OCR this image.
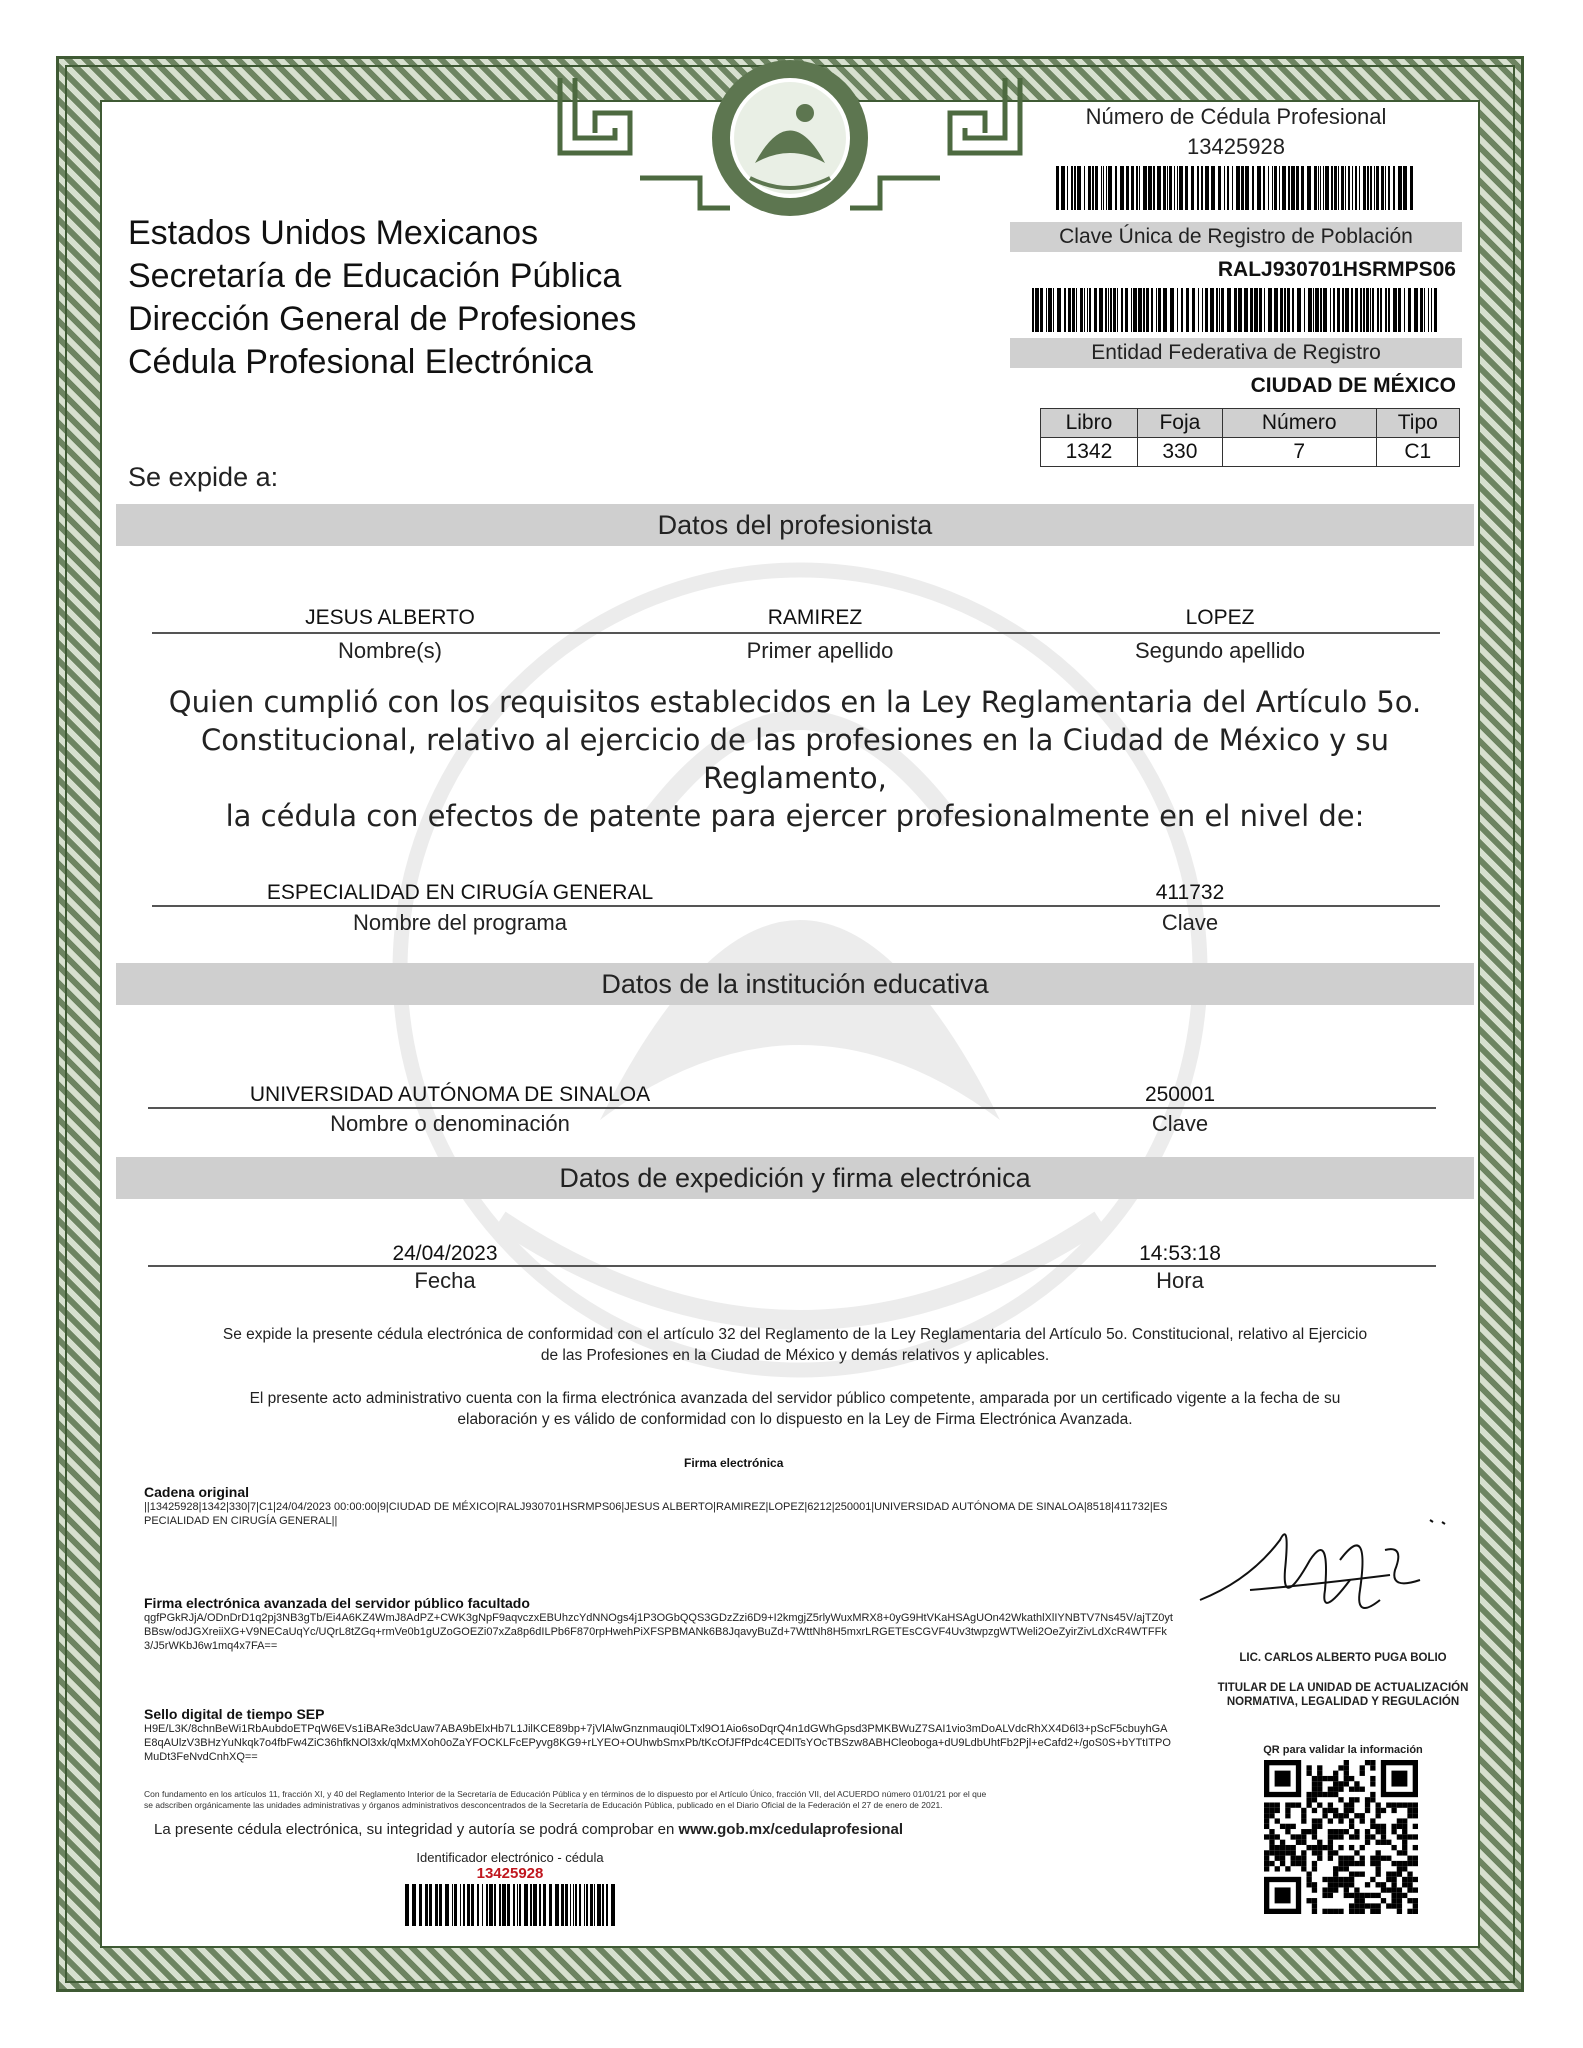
Estados Unidos Mexicanos
Secretaría de Educación Pública
Dirección General de Profesiones
Cédula Profesional Electrónica
Número de Cédula Profesional
13425928
Clave Única de Registro de Población
RALJ930701HSRMPS06
Entidad Federativa de Registro
CIUDAD DE MÉXICO
Libro	Foja	Número	Tipo
1342	330	7	C1
Se expide a:
Datos del profesionista
JESUS ALBERTO	RAMIREZ	LOPEZ
Nombre(s)	Primer apellido	Segundo apellido
Quien cumplió con los requisitos establecidos en la Ley Reglamentaria del Artículo 5o.
Constitucional, relativo al ejercicio de las profesiones en la Ciudad de México y su Reglamento,
la cédula con efectos de patente para ejercer profesionalmente en el nivel de:
ESPECIALIDAD EN CIRUGÍA GENERAL	411732
Nombre del programa	Clave
Datos de la institución educativa
UNIVERSIDAD AUTÓNOMA DE SINALOA	250001
Nombre o denominación	Clave
Datos de expedición y firma electrónica
24/04/2023	14:53:18
Fecha	Hora
Se expide la presente cédula electrónica de conformidad con el artículo 32 del Reglamento de la Ley Reglamentaria del Artículo 5o. Constitucional, relativo al Ejercicio
de las Profesiones en la Ciudad de México y demás relativos y aplicables.
El presente acto administrativo cuenta con la firma electrónica avanzada del servidor público competente, amparada por un certificado vigente a la fecha de su
elaboración y es válido de conformidad con lo dispuesto en la Ley de Firma Electrónica Avanzada.
Firma electrónica
Cadena original
||13425928|1342|330|7|C1|24/04/2023 00:00:00|9|CIUDAD DE MÉXICO|RALJ930701HSRMPS06|JESUS ALBERTO|RAMIREZ|LOPEZ|6212|250001|UNIVERSIDAD AUTÓNOMA DE SINALOA|8518|411732|ESPECIALIDAD EN CIRUGÍA GENERAL||
Firma electrónica avanzada del servidor público facultado
qgfPGkRJjA/ODnDrD1q2pj3NB3gTb/Ei4A6KZ4WmJ8AdPZ+CWK3gNpF9aqvczxEBUhzcYdNNOgs4j1P3OGbQQS3GDzZzi6D9+I2kmgjZ5rlyWuxMRX8+0yG9HtVKaHSAgUOn42WkathlXlIYNBTV7Ns45V/ajTZ0ytBBsw/odJGXreiiXG+V9NECaUqYc/UQrL8tZGq+rmVe0b1gUZoGOEZi07xZa8p6dILPb6F870rpHwehPiXFSPBMANk6B8JqavyBuZd+7WttNh8H5mxrLRGETEsCGVF4Uv3twpzgWTWeli2OeZyirZivLdXcR4WTFFk3/J5rWKbJ6w1mq4x7FA==
Sello digital de tiempo SEP
H9E/L3K/8chnBeWi1RbAubdoETPqW6EVs1iBARe3dcUaw7ABA9bElxHb7L1JilKCE89bp+7jVlAlwGnznmauqi0LTxl9O1Aio6soDqrQ4n1dGWhGpsd3PMKBWuZ7SAI1vio3mDoALVdcRhXX4D6l3+pScF5cbuyhGAE8qAUlzV3BHzYuNkqk7o4fbFw4ZiC36hfkNOl3xk/qMxMXoh0oZaYFOCKLFcEPyvg8KG9+rLYEO+OUhwbSmxPb/tKcOfJFfPdc4CEDlTsYOcTBSzw8ABHCleoboga+dU9LdbUhtFb2Pjl+eCafd2+/goS0S+bYTtITPOMuDt3FeNvdCnhXQ==
LIC. CARLOS ALBERTO PUGA BOLIO
TITULAR DE LA UNIDAD DE ACTUALIZACIÓN
NORMATIVA, LEGALIDAD Y REGULACIÓN
QR para validar la información
Con fundamento en los artículos 11, fracción XI, y 40 del Reglamento Interior de la Secretaría de Educación Pública y en términos de lo dispuesto por el Artículo Único, fracción VII, del ACUERDO número 01/01/21 por el que
se adscriben orgánicamente las unidades administrativas y órganos administrativos desconcentrados de la Secretaría de Educación Pública, publicado en el Diario Oficial de la Federación el 27 de enero de 2021.
La presente cédula electrónica, su integridad y autoría se podrá comprobar en www.gob.mx/cedulaprofesional
Identificador electrónico - cédula
13425928
